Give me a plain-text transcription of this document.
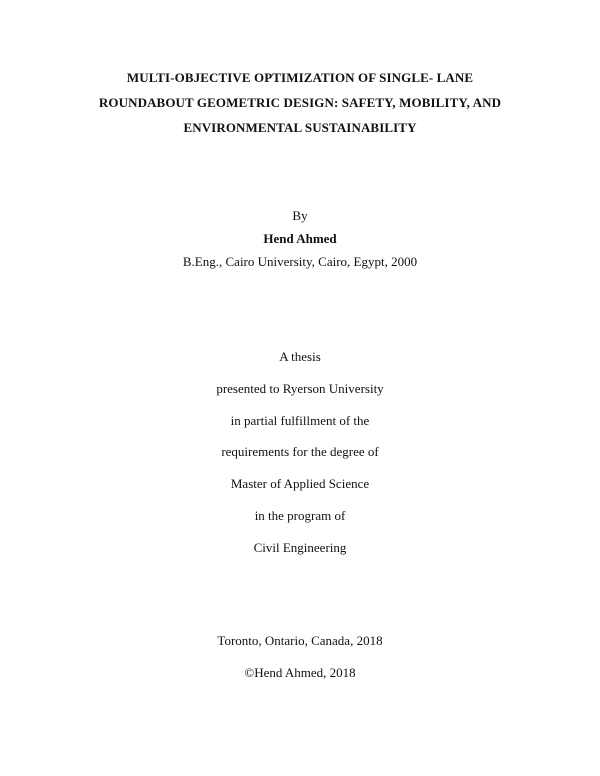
MULTI-OBJECTIVE OPTIMIZATION OF SINGLE- LANE
ROUNDABOUT GEOMETRIC DESIGN: SAFETY, MOBILITY, AND
ENVIRONMENTAL SUSTAINABILITY
By
Hend Ahmed
B.Eng., Cairo University, Cairo, Egypt, 2000
A thesis
presented to Ryerson University
in partial fulfillment of the
requirements for the degree of
Master of Applied Science
in the program of
Civil Engineering
Toronto, Ontario, Canada, 2018
©Hend Ahmed, 2018
